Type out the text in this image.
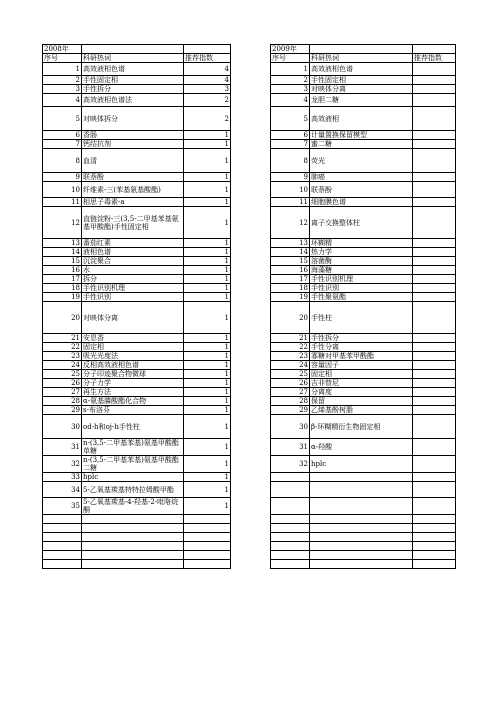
2008年				2009年		
序号	科研热词	推荐指数		序号	科研热词	推荐指数
1	高效液相色谱	4		1	高效液相色谱	
2	手性固定相	4		2	手性固定相	
3	手性拆分	3		3	对映体分离	
4	高效液相色谱法	2		4	龙胆二糖	
5	对映体拆分	2		5	高效液相	
6	香肠	1		6	计量置换保留模型	
7	钙结抗剂	1		7	蜜二糖	
8	血清	1		8	荧光	
9	联萘酚	1		9	肺癌	
10	纤维素-三(苯基氨基酸酯)	1		10	联萘酚	
11	相思子毒素-a	1		11	细胞膜色谱	
12	直链淀粉-三(3,5-二甲基苯基氨基甲酸酯)手性固定相	1		12	离子交换整体柱	
13	番茄红素	1		13	环糊精	
14	液相色谱	1		14	热力学	
15	沉淀聚合	1		15	溶菌酶	
16	水	1		16	海藻糖	
17	拆分	1		17	手性识别机理	
18	手性识别机理	1		18	手性识别	
19	手性识别	1		19	手性聚氨酯	
20	对映体分离	1		20	手性柱	
21	安息香	1		21	手性拆分	
22	固定相	1		22	手性分离	
23	吸光光度法	1		23	寡糖对甲基苯甲酰酯	
24	反相高效液相色谱	1		24	容量因子	
25	分子印迹聚合物微球	1		25	固定相	
26	分子力学	1		26	吉非替尼	
27	再生方法	1		27	分离度	
28	α-氨基膦酸酯化合物	1		28	保留	
29	s-布洛芬	1		29	乙烯基酚树脂	
30	od-h和oj-h手性柱	1		30	β-环糊精衍生物固定相	
31	n-(3,5-二甲基苯基)氨基甲酸酯单糖	1		31	α-羟酸	
32	n-(3,5-二甲基苯基)氨基甲酸酯二糖	1		32	hplc	
33	hplc	1				
34	5-乙氧基羰基特特拉姆酸甲酯	1				
35	5-乙氧基羰基-4-羟基-2-吡咯烷酮	1				
